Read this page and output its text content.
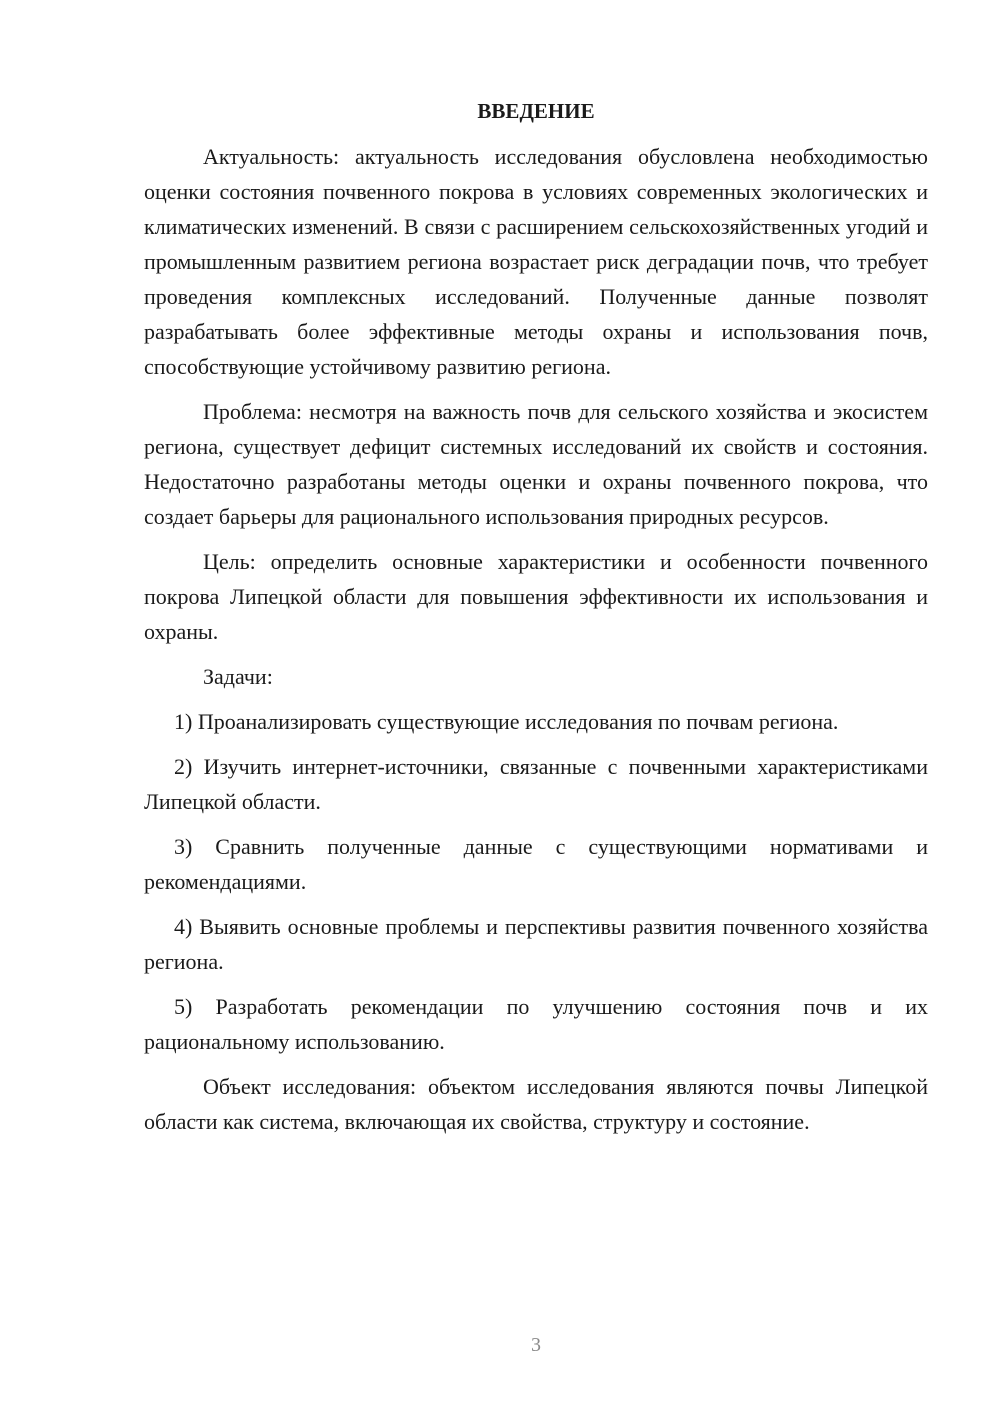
ВВЕДЕНИЕ

Актуальность: актуальность исследования обусловлена необходимостью оценки состояния почвенного покрова в условиях современных экологических и климатических изменений. В связи с расширением сельскохозяйственных угодий и промышленным развитием региона возрастает риск деградации почв, что требует проведения комплексных исследований. Полученные данные позволят разрабатывать более эффективные методы охраны и использования почв, способствующие устойчивому развитию региона.

Проблема: несмотря на важность почв для сельского хозяйства и экосистем региона, существует дефицит системных исследований их свойств и состояния. Недостаточно разработаны методы оценки и охраны почвенного покрова, что создает барьеры для рационального использования природных ресурсов.

Цель: определить основные характеристики и особенности почвенного покрова Липецкой области для повышения эффективности их использования и охраны.

Задачи:

1) Проанализировать существующие исследования по почвам региона.

2) Изучить интернет-источники, связанные с почвенными характеристиками Липецкой области.

3) Сравнить полученные данные с существующими нормативами и рекомендациями.

4) Выявить основные проблемы и перспективы развития почвенного хозяйства региона.

5) Разработать рекомендации по улучшению состояния почв и их рациональному использованию.

Объект исследования: объектом исследования являются почвы Липецкой области как система, включающая их свойства, структуру и состояние.

3
